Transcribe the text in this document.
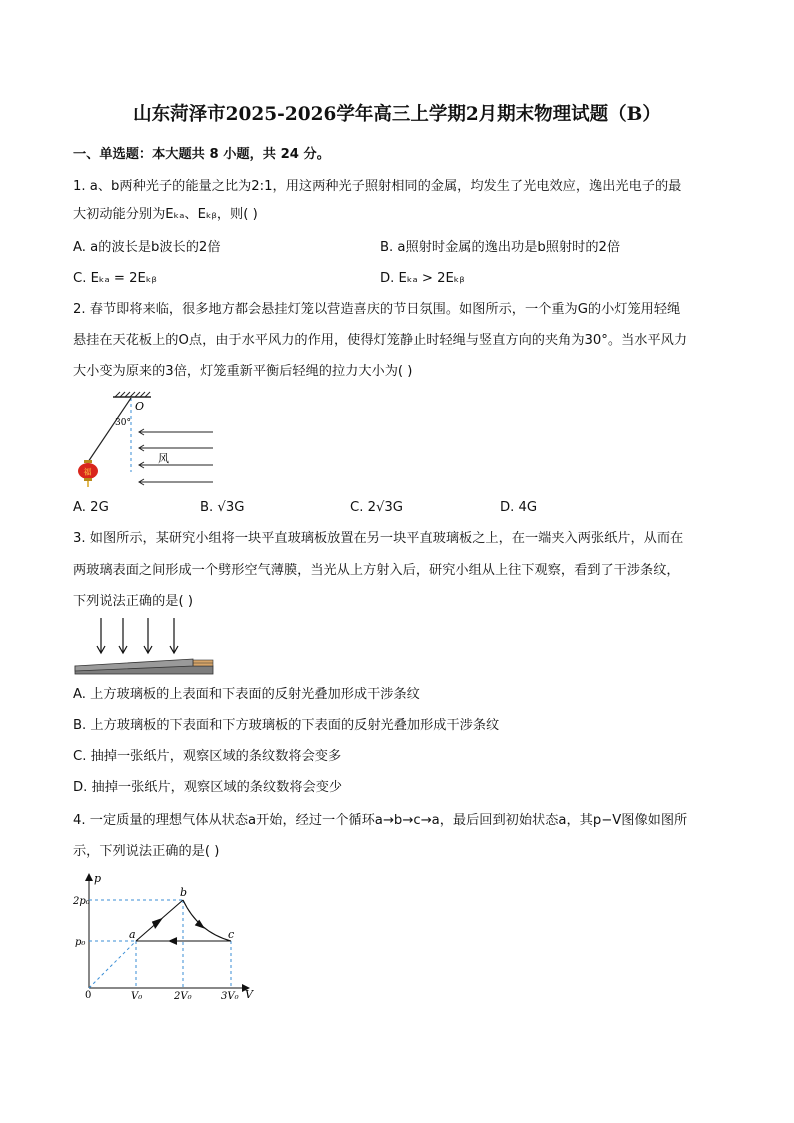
山东菏泽市2025-2026学年高三上学期2月期末物理试题（B）
一、单选题：本大题共 8 小题，共 24 分。
1. a、b两种光子的能量之比为2:1，用这两种光子照射相同的金属，均发生了光电效应，逸出光电子的最
大初动能分别为Eₖₐ、Eₖᵦ，则( )
A. a的波长是b波长的2倍	B. a照射时金属的逸出功是b照射时的2倍
C. Eₖₐ = 2Eₖᵦ	D. Eₖₐ > 2Eₖᵦ
2. 春节即将来临，很多地方都会悬挂灯笼以营造喜庆的节日氛围。如图所示，一个重为G的小灯笼用轻绳
悬挂在天花板上的O点，由于水平风力的作用，使得灯笼静止时轻绳与竖直方向的夹角为30°。当水平风力
大小变为原来的3倍，灯笼重新平衡后轻绳的拉力大小为( )
O
30°
风
福
A. 2G	B. √3G	C. 2√3G	D. 4G
3. 如图所示，某研究小组将一块平直玻璃板放置在另一块平直玻璃板之上，在一端夹入两张纸片，从而在
两玻璃表面之间形成一个劈形空气薄膜，当光从上方射入后，研究小组从上往下观察，看到了干涉条纹，
下列说法正确的是( )
A. 上方玻璃板的上表面和下表面的反射光叠加形成干涉条纹
B. 上方玻璃板的下表面和下方玻璃板的下表面的反射光叠加形成干涉条纹
C. 抽掉一张纸片，观察区域的条纹数将会变多
D. 抽掉一张纸片，观察区域的条纹数将会变少
4. 一定质量的理想气体从状态a开始，经过一个循环a→b→c→a，最后回到初始状态a，其p−V图像如图所
示，下列说法正确的是( )
p
V
0
2p₀
p₀
V₀	2V₀	3V₀
a
b
c
